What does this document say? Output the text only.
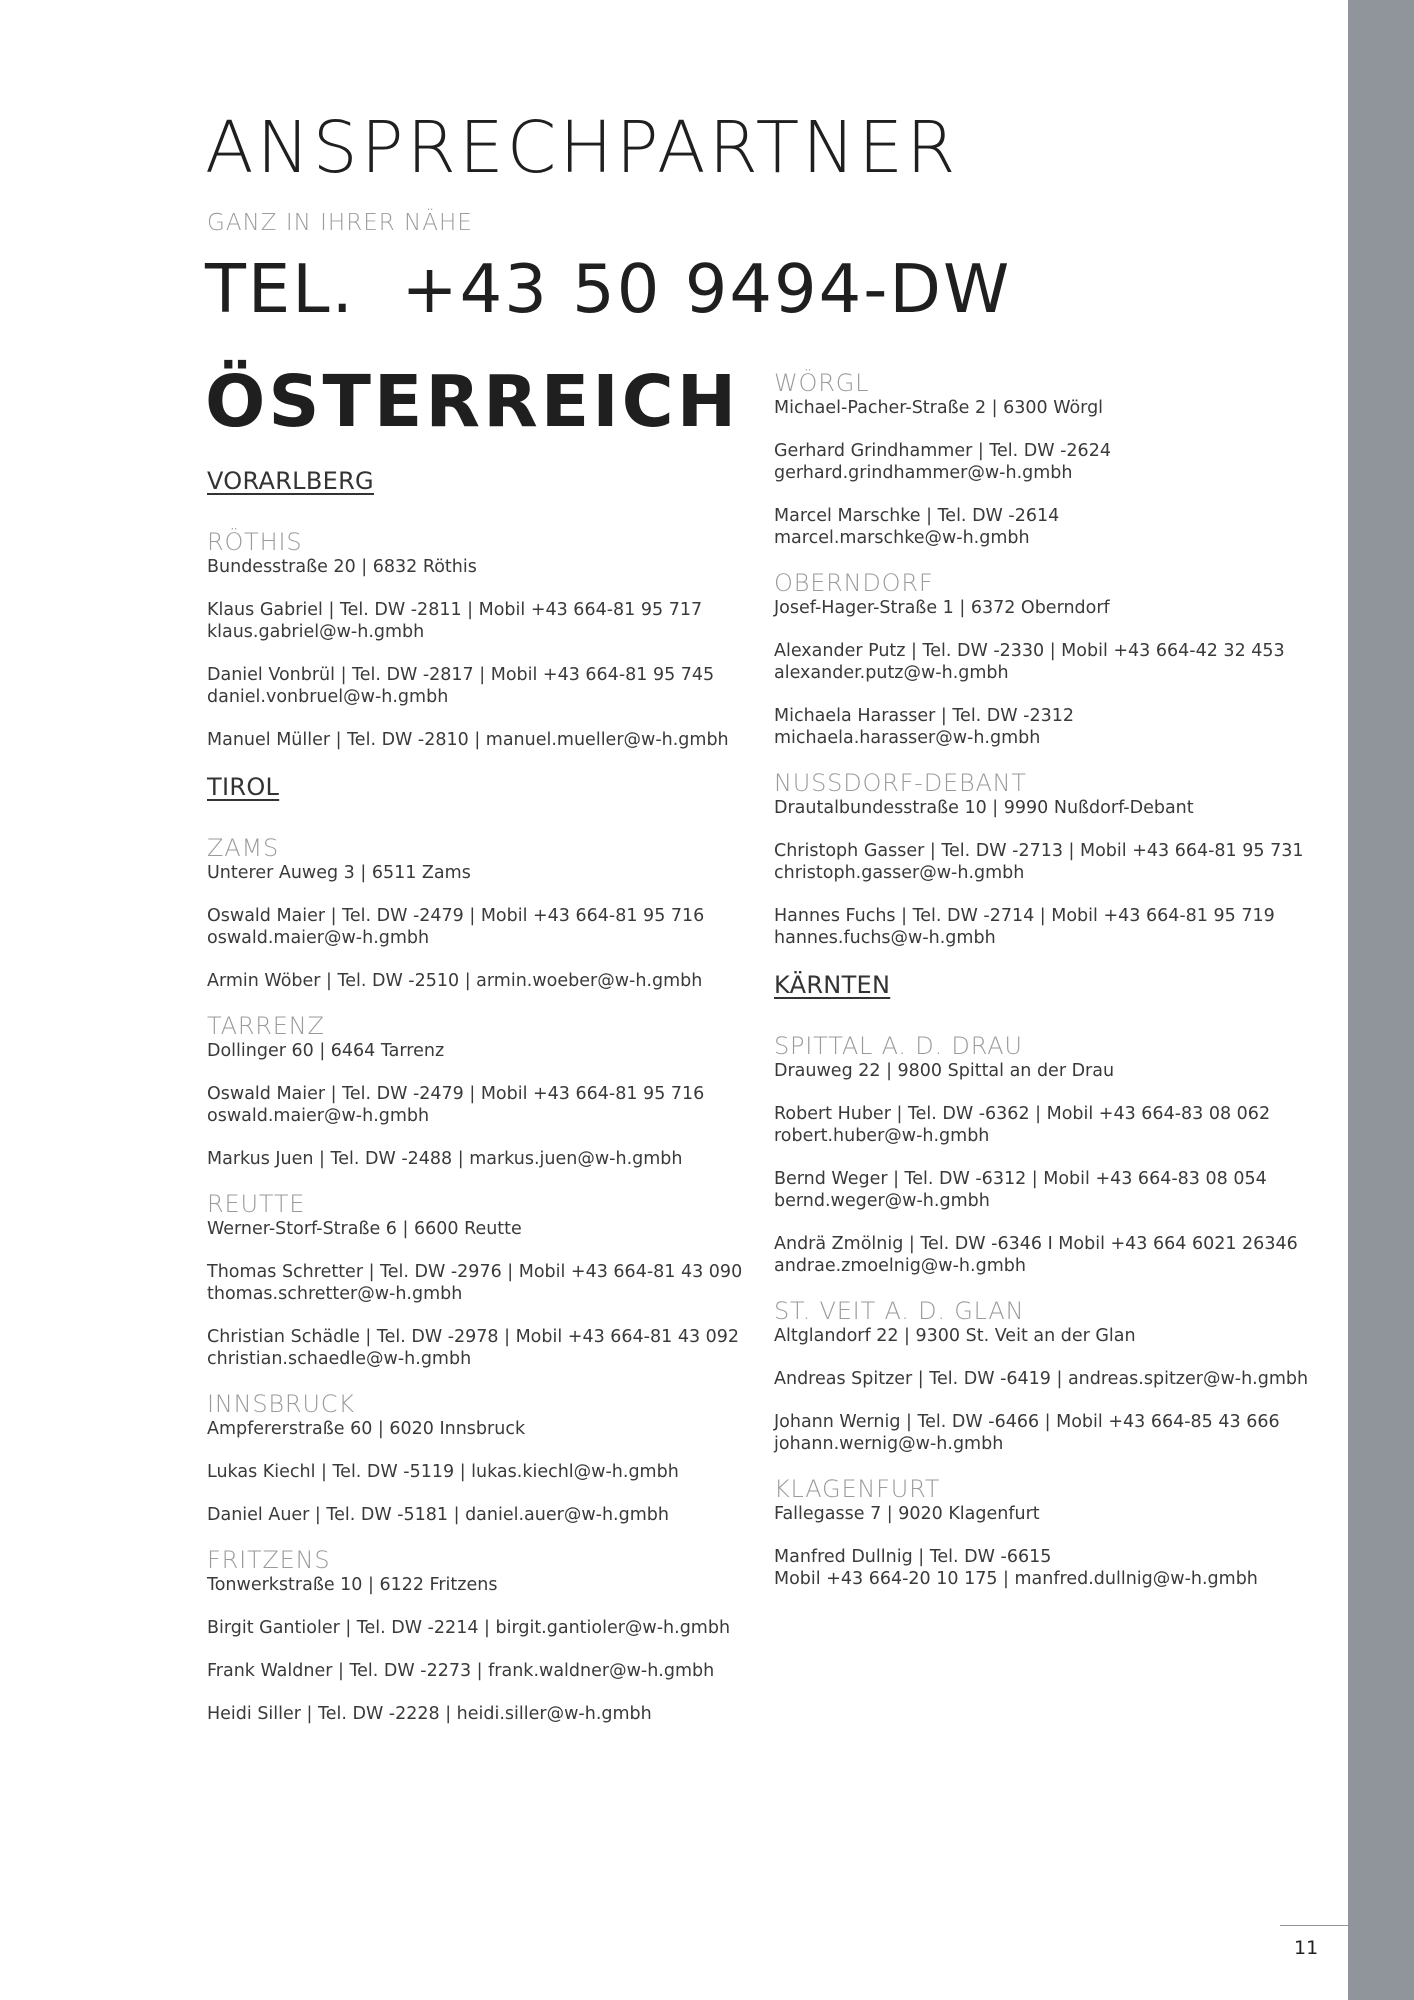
ANSPRECHPARTNER

GANZ IN IHRER NÄHE

TEL.  +43 50 9494-DW

ÖSTERREICH
VORARLBERG
RÖTHIS
Bundesstraße 20 | 6832 Röthis
Klaus Gabriel | Tel. DW -2811 | Mobil +43 664-81 95 717
klaus.gabriel@w-h.gmbh
Daniel Vonbrül | Tel. DW -2817 | Mobil +43 664-81 95 745
daniel.vonbruel@w-h.gmbh
Manuel Müller | Tel. DW -2810 | manuel.mueller@w-h.gmbh
TIROL
ZAMS
Unterer Auweg 3 | 6511 Zams
Oswald Maier | Tel. DW -2479 | Mobil +43 664-81 95 716
oswald.maier@w-h.gmbh
Armin Wöber | Tel. DW -2510 | armin.woeber@w-h.gmbh
TARRENZ
Dollinger 60 | 6464 Tarrenz
Oswald Maier | Tel. DW -2479 | Mobil +43 664-81 95 716
oswald.maier@w-h.gmbh
Markus Juen | Tel. DW -2488 | markus.juen@w-h.gmbh
REUTTE
Werner-Storf-Straße 6 | 6600 Reutte
Thomas Schretter | Tel. DW -2976 | Mobil +43 664-81 43 090
thomas.schretter@w-h.gmbh
Christian Schädle | Tel. DW -2978 | Mobil +43 664-81 43 092
christian.schaedle@w-h.gmbh
INNSBRUCK
Ampfererstraße 60 | 6020 Innsbruck
Lukas Kiechl | Tel. DW -5119 | lukas.kiechl@w-h.gmbh
Daniel Auer | Tel. DW -5181 | daniel.auer@w-h.gmbh
FRITZENS
Tonwerkstraße 10 | 6122 Fritzens
Birgit Gantioler | Tel. DW -2214 | birgit.gantioler@w-h.gmbh
Frank Waldner | Tel. DW -2273 | frank.waldner@w-h.gmbh
Heidi Siller | Tel. DW -2228 | heidi.siller@w-h.gmbh
WÖRGL
Michael-Pacher-Straße 2 | 6300 Wörgl
Gerhard Grindhammer | Tel. DW -2624
gerhard.grindhammer@w-h.gmbh
Marcel Marschke | Tel. DW -2614
marcel.marschke@w-h.gmbh
OBERNDORF
Josef-Hager-Straße 1 | 6372 Oberndorf
Alexander Putz | Tel. DW -2330 | Mobil +43 664-42 32 453
alexander.putz@w-h.gmbh
Michaela Harasser | Tel. DW -2312
michaela.harasser@w-h.gmbh
NUSSDORF-DEBANT
Drautalbundesstraße 10 | 9990 Nußdorf-Debant
Christoph Gasser | Tel. DW -2713 | Mobil +43 664-81 95 731
christoph.gasser@w-h.gmbh
Hannes Fuchs | Tel. DW -2714 | Mobil +43 664-81 95 719
hannes.fuchs@w-h.gmbh
KÄRNTEN
SPITTAL A. D. DRAU
Drauweg 22 | 9800 Spittal an der Drau
Robert Huber | Tel. DW -6362 | Mobil +43 664-83 08 062
robert.huber@w-h.gmbh
Bernd Weger | Tel. DW -6312 | Mobil +43 664-83 08 054
bernd.weger@w-h.gmbh
Andrä Zmölnig | Tel. DW -6346 I Mobil +43 664 6021 26346
andrae.zmoelnig@w-h.gmbh
ST. VEIT A. D. GLAN
Altglandorf 22 | 9300 St. Veit an der Glan
Andreas Spitzer | Tel. DW -6419 | andreas.spitzer@w-h.gmbh
Johann Wernig | Tel. DW -6466 | Mobil +43 664-85 43 666
johann.wernig@w-h.gmbh
KLAGENFURT
Fallegasse 7 | 9020 Klagenfurt
Manfred Dullnig | Tel. DW -6615
Mobil +43 664-20 10 175 | manfred.dullnig@w-h.gmbh
11
